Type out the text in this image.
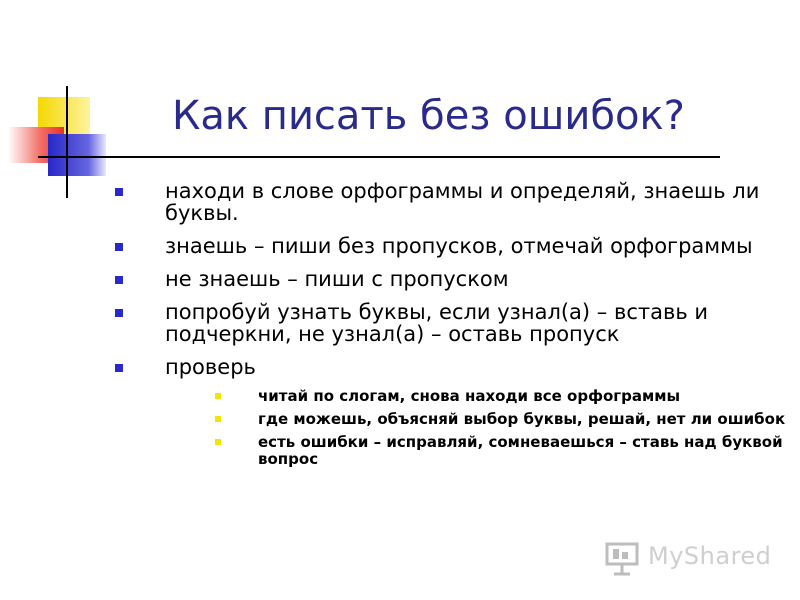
Как писать без ошибок?
находи в слове орфограммы и определяй, знаешь ли буквы.
знаешь – пиши без пропусков, отмечай орфограммы
не знаешь – пиши с пропуском
попробуй узнать буквы, если узнал(а) – вставь и подчеркни, не узнал(а) – оставь пропуск
проверь
читай по слогам, снова находи все орфограммы
где можешь, объясняй выбор буквы, решай, нет ли ошибок
есть ошибки – исправляй, сомневаешься – ставь над буквой вопрос
MyShared
